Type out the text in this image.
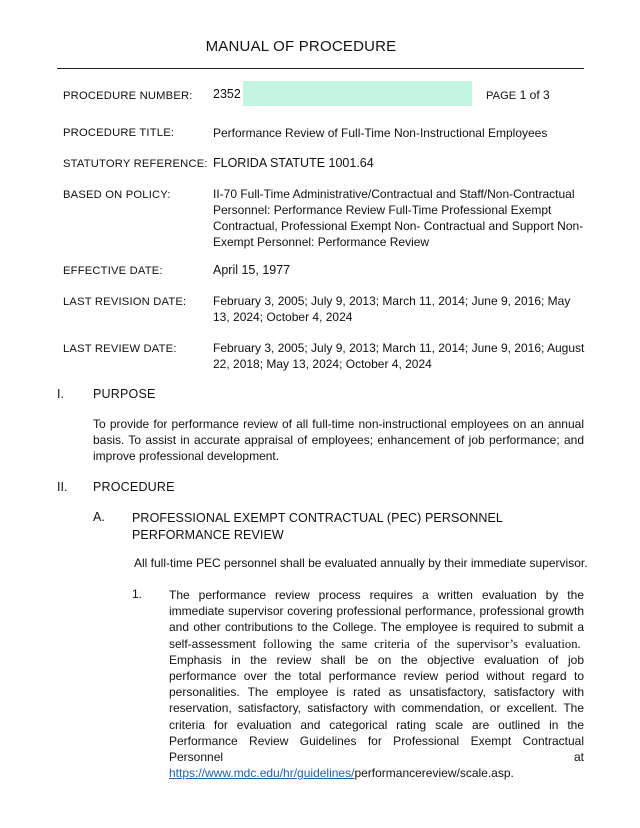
MANUAL OF PROCEDURE
PROCEDURE NUMBER: 2352	PAGE 1 of 3
PROCEDURE TITLE:	Performance Review of Full-Time Non-Instructional Employees
STATUTORY REFERENCE: FLORIDA STATUTE 1001.64
BASED ON POLICY:	II-70 Full-Time Administrative/Contractual and Staff/Non-Contractual Personnel: Performance Review Full-Time Professional Exempt Contractual, Professional Exempt Non- Contractual and Support Non-Exempt Personnel: Performance Review
EFFECTIVE DATE:	April 15, 1977
LAST REVISION DATE: February 3, 2005; July 9, 2013; March 11, 2014; June 9, 2016; May 13, 2024; October 4, 2024
LAST REVIEW DATE:	February 3, 2005; July 9, 2013; March 11, 2014; June 9, 2016; August 22, 2018; May 13, 2024; October 4, 2024
I. PURPOSE
To provide for performance review of all full-time non-instructional employees on an annual basis. To assist in accurate appraisal of employees; enhancement of job performance; and improve professional development.
II. PROCEDURE
A. PROFESSIONAL EXEMPT CONTRACTUAL (PEC) PERSONNEL PERFORMANCE REVIEW
All full-time PEC personnel shall be evaluated annually by their immediate supervisor.
1. The performance review process requires a written evaluation by the immediate supervisor covering professional performance, professional growth and other contributions to the College. The employee is required to submit a self-assessment following the same criteria of the supervisor’s evaluation.  Emphasis in the review shall be on the objective evaluation of job performance over the total performance review period without regard to personalities. The employee is rated as unsatisfactory, satisfactory with reservation, satisfactory, satisfactory with commendation, or excellent. The criteria for evaluation and categorical rating scale are outlined in the Performance Review Guidelines for Professional Exempt Contractual Personnel at https://www.mdc.edu/hr/guidelines/performancereview/scale.asp.
